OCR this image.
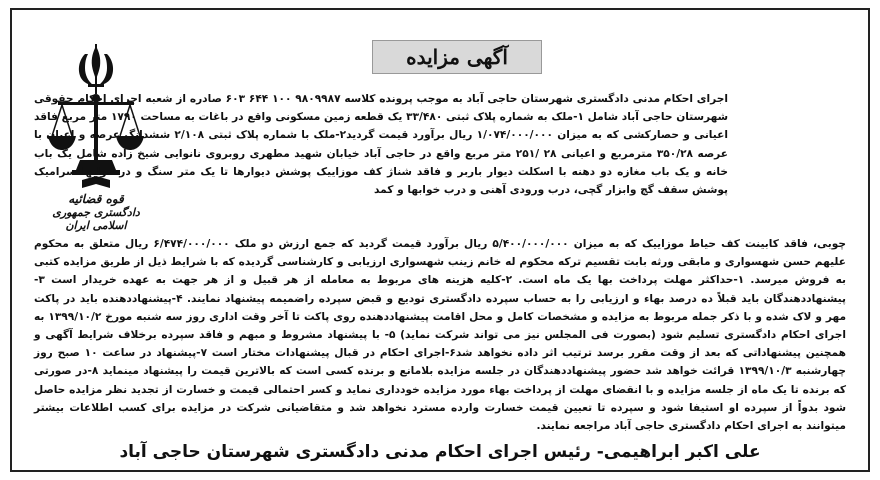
آگهی مزایده
قوه قضائیه
دادگستری جمهوری اسلامی ایران
اجرای احکام مدنی دادگستری شهرستان حاجی آباد به موجب پرونده کلاسه ۹۸۰۹۹۸۷ ۱۰۰ ۶۴۴ ۶۰۳ صادره از شعبه اجرای احکام حقوقی شهرستان حاجی آباد شامل ۱-ملک به شماره پلاک ثبتی ۳۳/۴۸۰ یک قطعه زمین مسکونی واقع در باغات به مساحت ۱۷۹۰ متر مربع فاقد اعیانی و حصارکشی که به میزان ۱/۰۷۴/۰۰۰/۰۰۰ ریال برآورد قیمت گردید۲-ملک با شماره پلاک ثبتی ۲/۱۰۸ ششدانگ عرصه و اعیان با عرصه ۳۵۰/۲۸ مترمربع و اعیانی ۲۸ /۲۵۱ متر مربع واقع در حاجی آباد خیابان شهید مطهری روبروی نانوایی شیخ زاده شامل یک باب خانه و یک باب مغازه دو دهنه با اسکلت دیوار باربر و فاقد شناژ کف موزاییک پوشش دیوارها تا یک متر سنگ و در خوابها سرامیک پوشش سقف گچ وابزار گچی، درب ورودی آهنی و درب خوابها و کمد
چوبی، فاقد کابینت کف حیاط موزاییک که به میزان ۵/۴۰۰/۰۰۰/۰۰۰ ریال برآورد قیمت گردید که جمع ارزش دو ملک ۶/۴۷۴/۰۰۰/۰۰۰ ریال متعلق به محکوم علیهم حسن شهسواری و مابقی ورثه بابت تقسیم ترکه محکوم له خانم زینب شهسواری ارزیابی و کارشناسی گردیده که با شرایط ذیل از طریق مزایده کتبی به فروش میرسد. ۱-حداکثر مهلت پرداخت بها یک ماه است. ۲-کلیه هزینه های مربوط به معامله از هر قبیل و از هر جهت به عهده خریدار است ۳-پیشنهاددهندگان باید قبلاً ده درصد بهاء و ارزیابی را به حساب سپرده دادگستری تودیع و قبض سپرده راضمیمه پیشنهاد نمایند. ۴-پیشنهاددهنده باید در پاکت مهر و لاک شده و با ذکر جمله مربوط به مزایده و مشخصات کامل و محل اقامت پیشنهاددهنده روی پاکت تا آخر وقت اداری روز سه شنبه مورخ ۱۳۹۹/۱۰/۲ به اجرای احکام دادگستری تسلیم شود (بصورت فی المجلس نیز می تواند شرکت نماید) ۵- با پیشنهاد مشروط و مبهم و فاقد سپرده برخلاف شرایط آگهی و همچنین پیشنهاداتی که بعد از وقت مقرر برسد ترتیب اثر داده نخواهد شد۶-اجرای احکام در قبال پیشنهادات مختار است ۷-پیشنهاد در ساعت ۱۰ صبح روز چهارشنبه ۱۳۹۹/۱۰/۳ قرائت خواهد شد حضور پیشنهاددهندگان در جلسه مزایده بلامانع و برنده کسی است که بالاترین قیمت را پیشنهاد مینماید ۸-در صورتی که برنده تا یک ماه از جلسه مزایده و با انقضای مهلت از پرداخت بهاء مورد مزایده خودداری نماید و کسر احتمالی قیمت و خسارت از تجدید نظر مزایده حاصل شود بدواً از سپرده او استیفا شود و سپرده تا تعیین قیمت خسارت وارده مسترد نخواهد شد و متقاضیانی شرکت در مزایده برای کسب اطلاعات بیشتر میتوانند به اجرای احکام دادگستری حاجی آباد مراجعه نمایند.
علی اکبر ابراهیمی- رئیس اجرای احکام مدنی دادگستری شهرستان حاجی آباد
